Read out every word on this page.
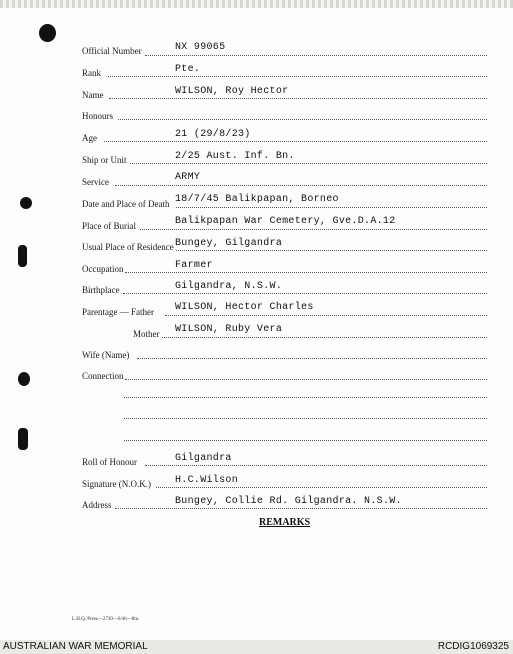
Official Number	NX 99065
Rank	Pte.
Name	WILSON, Roy Hector
Honours
Age	21 (29/8/23)
Ship or Unit	2/25 Aust. Inf. Bn.
Service	ARMY
Date and Place of Death 18/7/45 Balikpapan, Borneo
Place of Burial	Balikpapan War Cemetery, Gve.D.A.12
Usual Place of Residence Bungey, Gilgandra
Occupation	Farmer
Birthplace	Gilgandra, N.S.W.
Parentage — Father WILSON, Hector Charles
Mother WILSON, Ruby Vera
Wife (Name)
Connection
Roll of Honour	Gilgandra
Signature (N.O.K.) H.C.Wilson
Address	Bungey, Collie Rd. Gilgandra. N.S.W.
REMARKS
L.H.Q. Press—2730—6/46—8m.
AUSTRALIAN WAR MEMORIAL	RCDIG1069325
